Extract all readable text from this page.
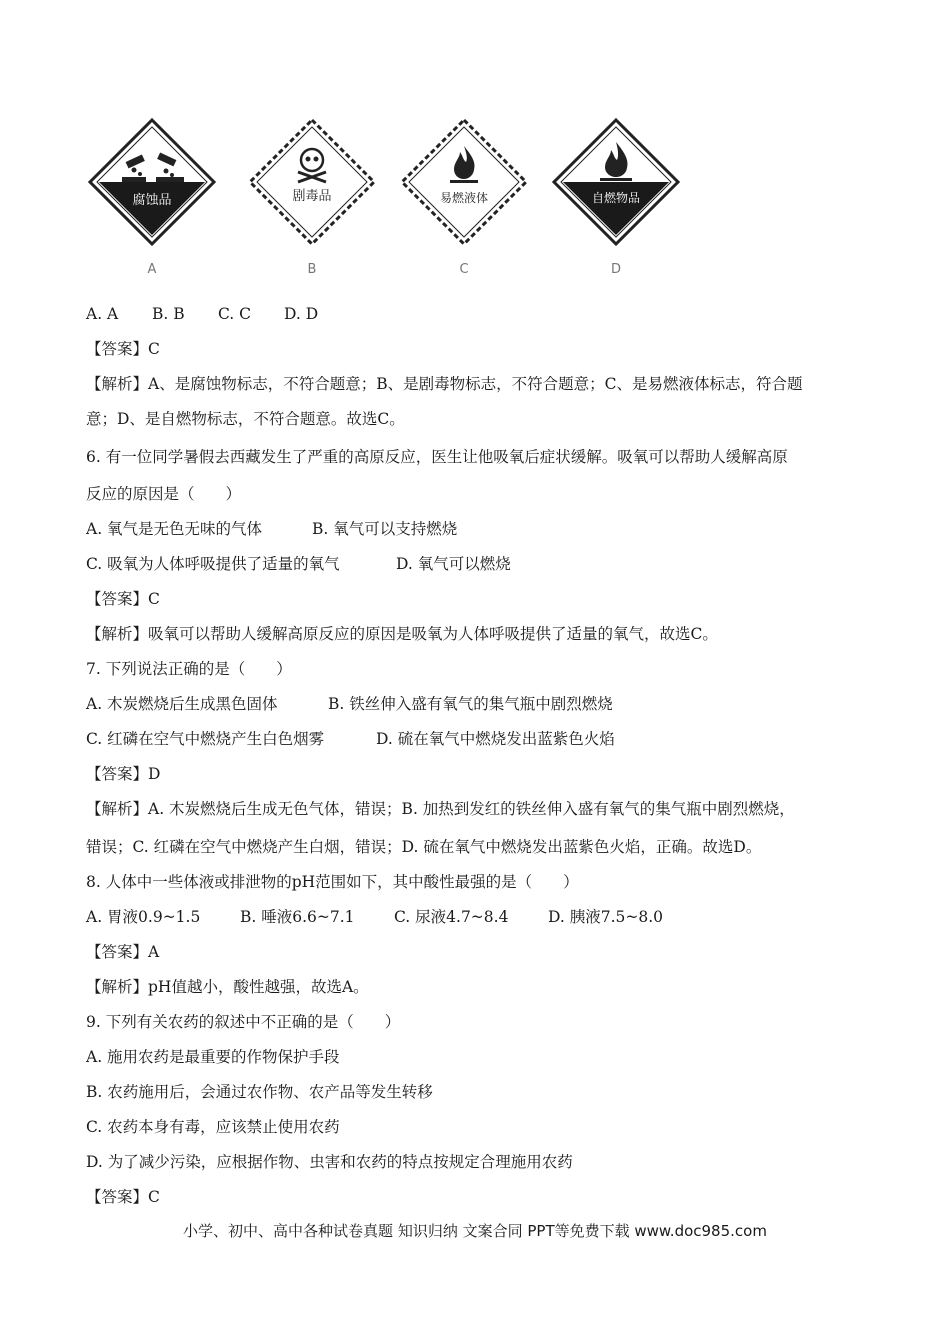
腐蚀品
A
剧毒品
B
易燃液体
C
自燃物品
D
A. A B. B C. C D. D
【答案】C
【解析】A、是腐蚀物标志，不符合题意；B、是剧毒物标志，不符合题意；C、是易燃液体标志，符合题
意；D、是自燃物标志，不符合题意。故选C。
6. 有一位同学暑假去西藏发生了严重的高原反应，医生让他吸氧后症状缓解。吸氧可以帮助人缓解高原
反应的原因是（　　）
A. 氧气是无色无味的气体	B. 氧气可以支持燃烧
C. 吸氧为人体呼吸提供了适量的氧气	D. 氧气可以燃烧
【答案】C
【解析】吸氧可以帮助人缓解高原反应的原因是吸氧为人体呼吸提供了适量的氧气，故选C。
7. 下列说法正确的是（　　）
A. 木炭燃烧后生成黑色固体	B. 铁丝伸入盛有氧气的集气瓶中剧烈燃烧
C. 红磷在空气中燃烧产生白色烟雾	D. 硫在氧气中燃烧发出蓝紫色火焰
【答案】D
【解析】A. 木炭燃烧后生成无色气体，错误；B. 加热到发红的铁丝伸入盛有氧气的集气瓶中剧烈燃烧，
错误；C. 红磷在空气中燃烧产生白烟，错误；D. 硫在氧气中燃烧发出蓝紫色火焰，正确。故选D。
8. 人体中一些体液或排泄物的pH范围如下，其中酸性最强的是（　　）
A. 胃液0.9~1.5	B. 唾液6.6~7.1	C. 尿液4.7~8.4	D. 胰液7.5~8.0
【答案】A
【解析】pH值越小，酸性越强，故选A。
9. 下列有关农药的叙述中不正确的是（　　）
A. 施用农药是最重要的作物保护手段
B. 农药施用后，会通过农作物、农产品等发生转移
C. 农药本身有毒，应该禁止使用农药
D. 为了减少污染，应根据作物、虫害和农药的特点按规定合理施用农药
【答案】C
小学、初中、高中各种试卷真题 知识归纳 文案合同 PPT等免费下载 www.doc985.com
